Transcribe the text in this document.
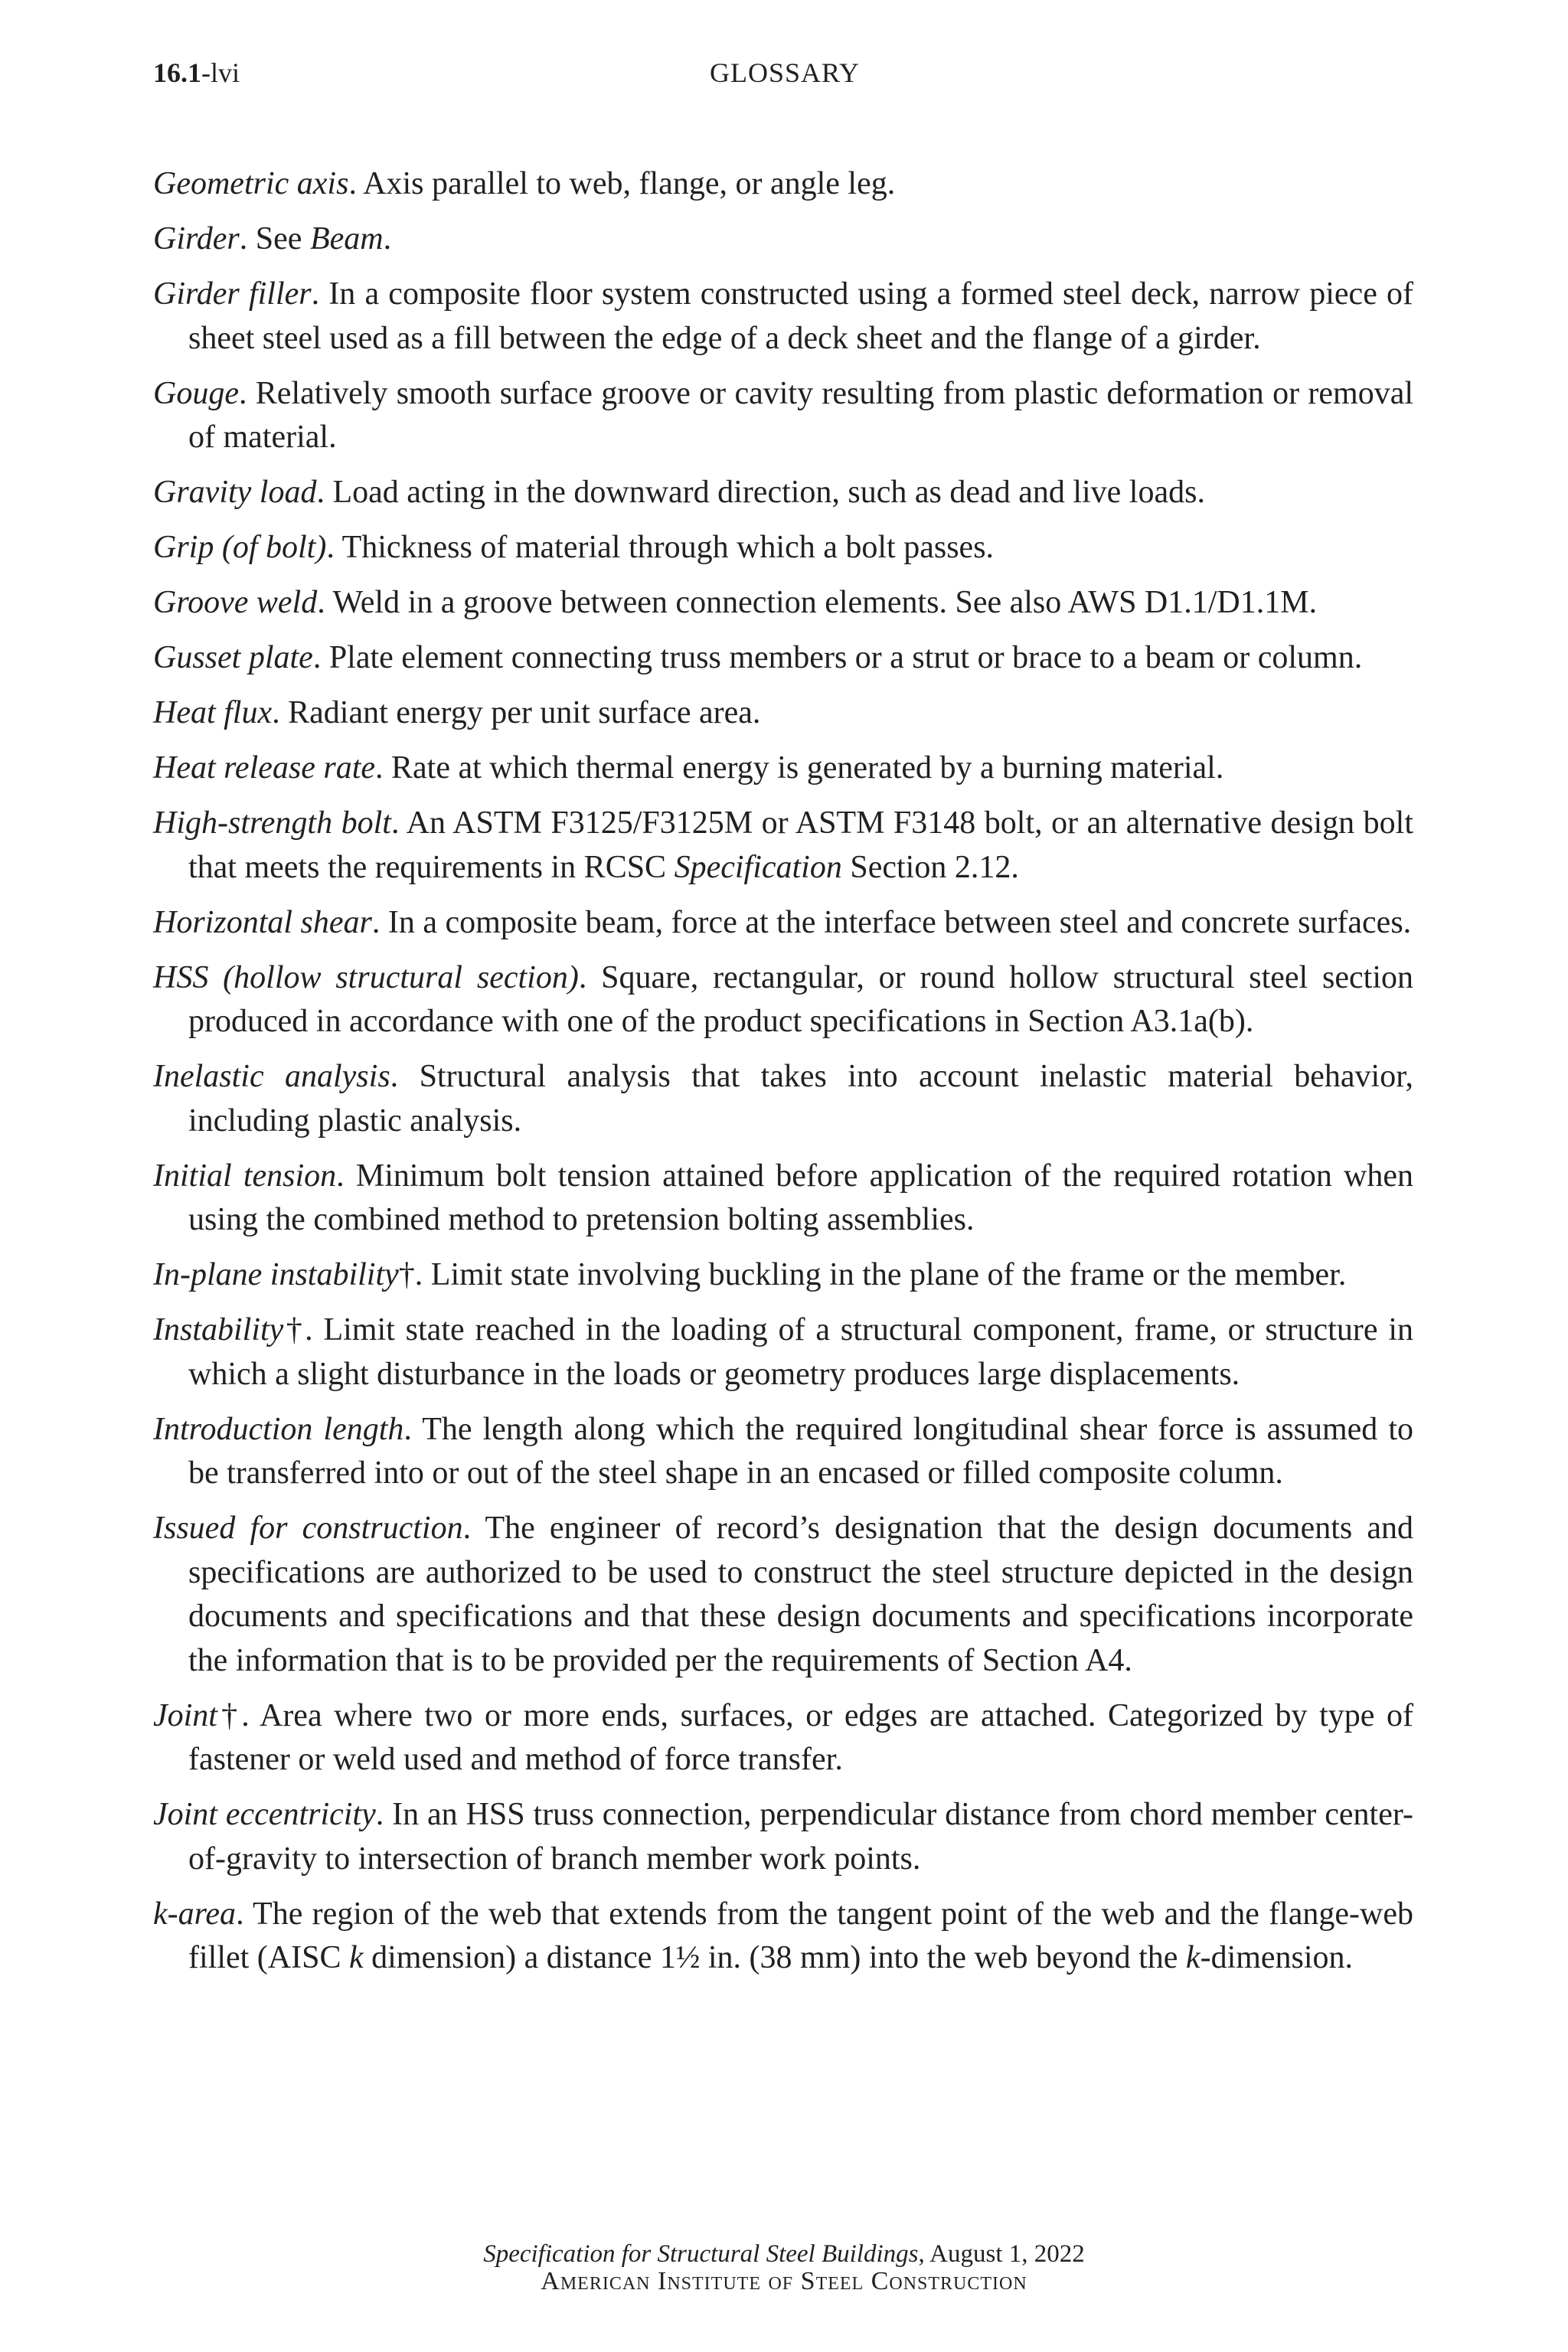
16.1-lvi	GLOSSARY
Geometric axis. Axis parallel to web, flange, or angle leg.
Girder. See Beam.
Girder filler. In a composite floor system constructed using a formed steel deck, narrow piece of sheet steel used as a fill between the edge of a deck sheet and the flange of a girder.
Gouge. Relatively smooth surface groove or cavity resulting from plastic deformation or removal of material.
Gravity load. Load acting in the downward direction, such as dead and live loads.
Grip (of bolt). Thickness of material through which a bolt passes.
Groove weld. Weld in a groove between connection elements. See also AWS D1.1/D1.1M.
Gusset plate. Plate element connecting truss members or a strut or brace to a beam or column.
Heat flux. Radiant energy per unit surface area.
Heat release rate. Rate at which thermal energy is generated by a burning material.
High-strength bolt. An ASTM F3125/F3125M or ASTM F3148 bolt, or an alternative design bolt that meets the requirements in RCSC Specification Section 2.12.
Horizontal shear. In a composite beam, force at the interface between steel and concrete surfaces.
HSS (hollow structural section). Square, rectangular, or round hollow structural steel section produced in accordance with one of the product specifications in Section A3.1a(b).
Inelastic analysis. Structural analysis that takes into account inelastic material behavior, including plastic analysis.
Initial tension. Minimum bolt tension attained before application of the required rotation when using the combined method to pretension bolting assemblies.
In-plane instability†. Limit state involving buckling in the plane of the frame or the member.
Instability†. Limit state reached in the loading of a structural component, frame, or structure in which a slight disturbance in the loads or geometry produces large displacements.
Introduction length. The length along which the required longitudinal shear force is assumed to be transferred into or out of the steel shape in an encased or filled composite column.
Issued for construction. The engineer of record’s designation that the design documents and specifications are authorized to be used to construct the steel structure depicted in the design documents and specifications and that these design documents and specifications incorporate the information that is to be provided per the requirements of Section A4.
Joint†. Area where two or more ends, surfaces, or edges are attached. Categorized by type of fastener or weld used and method of force transfer.
Joint eccentricity. In an HSS truss connection, perpendicular distance from chord member center-of-gravity to intersection of branch member work points.
k-area. The region of the web that extends from the tangent point of the web and the flange-web fillet (AISC k dimension) a distance 1½ in. (38 mm) into the web beyond the k-dimension.
Specification for Structural Steel Buildings, August 1, 2022
American Institute of Steel Construction
